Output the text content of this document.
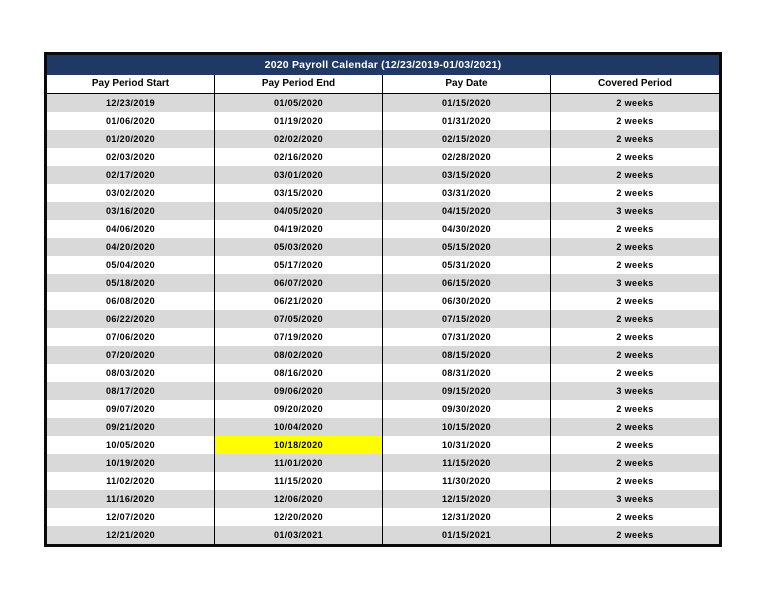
2020 Payroll Calendar (12/23/2019-01/03/2021)
Pay Period Start	Pay Period End	Pay Date	Covered Period
12/23/2019	01/05/2020	01/15/2020	2 weeks
01/06/2020	01/19/2020	01/31/2020	2 weeks
01/20/2020	02/02/2020	02/15/2020	2 weeks
02/03/2020	02/16/2020	02/28/2020	2 weeks
02/17/2020	03/01/2020	03/15/2020	2 weeks
03/02/2020	03/15/2020	03/31/2020	2 weeks
03/16/2020	04/05/2020	04/15/2020	3 weeks
04/06/2020	04/19/2020	04/30/2020	2 weeks
04/20/2020	05/03/2020	05/15/2020	2 weeks
05/04/2020	05/17/2020	05/31/2020	2 weeks
05/18/2020	06/07/2020	06/15/2020	3 weeks
06/08/2020	06/21/2020	06/30/2020	2 weeks
06/22/2020	07/05/2020	07/15/2020	2 weeks
07/06/2020	07/19/2020	07/31/2020	2 weeks
07/20/2020	08/02/2020	08/15/2020	2 weeks
08/03/2020	08/16/2020	08/31/2020	2 weeks
08/17/2020	09/06/2020	09/15/2020	3 weeks
09/07/2020	09/20/2020	09/30/2020	2 weeks
09/21/2020	10/04/2020	10/15/2020	2 weeks
10/05/2020	10/18/2020	10/31/2020	2 weeks
10/19/2020	11/01/2020	11/15/2020	2 weeks
11/02/2020	11/15/2020	11/30/2020	2 weeks
11/16/2020	12/06/2020	12/15/2020	3 weeks
12/07/2020	12/20/2020	12/31/2020	2 weeks
12/21/2020	01/03/2021	01/15/2021	2 weeks
